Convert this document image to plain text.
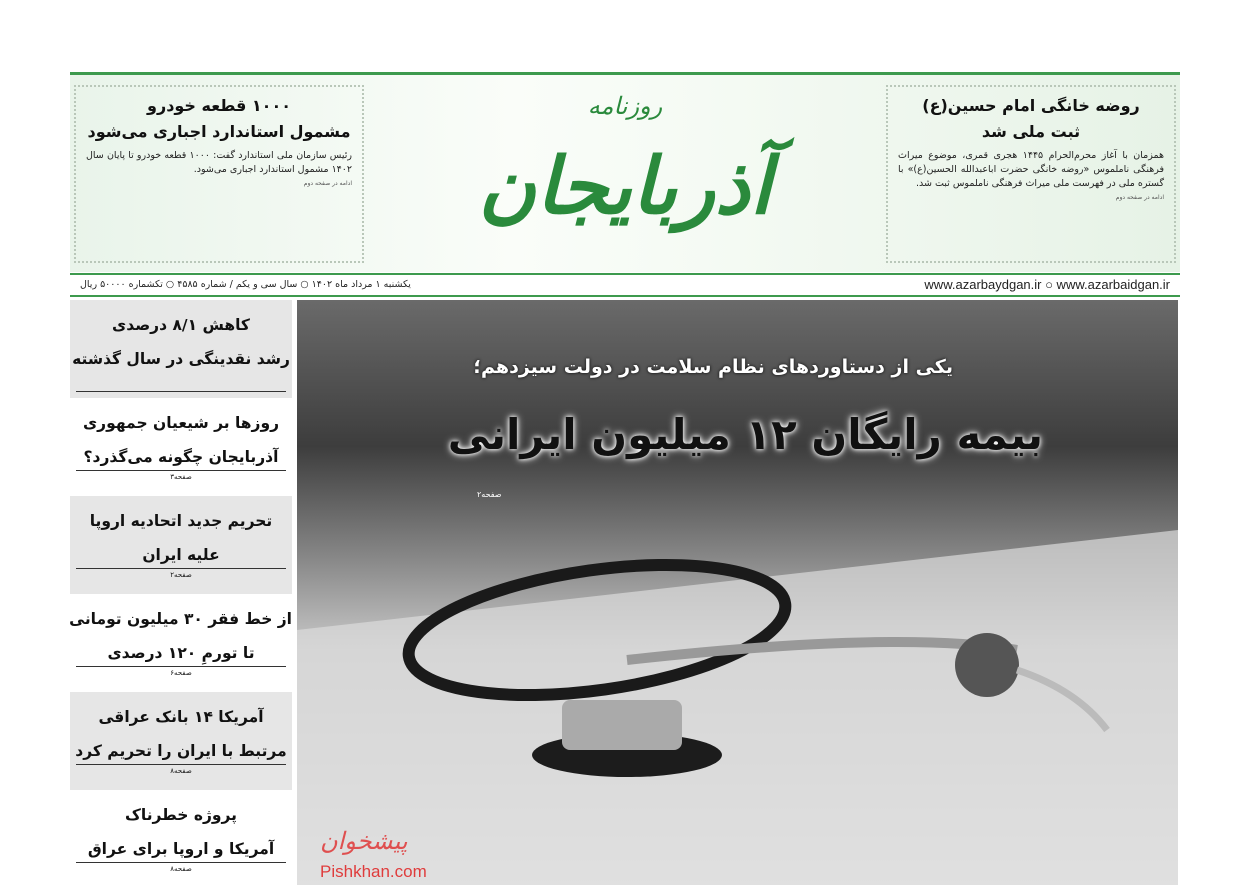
۱۰۰۰ قطعه خودرو
مشمول استاندارد اجباری می‌شود

رئیس سازمان ملی استاندارد گفت: ۱۰۰۰ قطعه خودرو تا پایان سال ۱۴۰۲ مشمول استاندارد اجباری می‌شود.

ادامه در صفحه دوم
روزنامه
آذربایجان
روضه خانگی امام حسین(ع)
ثبت ملی شد

همزمان با آغاز محرم‌الحرام ۱۴۴۵ هجری قمری، موضوع میراث فرهنگی ناملموس «روضه خانگی حضرت اباعبدالله الحسین(ع)» با گستره ملی در فهرست ملی میراث فرهنگی ناملموس ثبت شد.

ادامه در صفحه دوم
یکشنبه ۱ مرداد ماه ۱۴۰۲ ○ سال سی و یکم / شماره ۴۵۸۵ ○ تکشماره ۵۰۰۰۰ ریال	www.azarbaydgan.ir ○ www.azarbaidgan.ir
کاهش ۸/۱ درصدی
رشد نقدینگی در سال گذشته
روزها بر شیعیان جمهوری
آذربایجان چگونه می‌گذرد؟
$^{صفحه۳}$
تحریم جدید اتحادیه اروپا
علیه ایران
$^{صفحه۲}$
از خط فقر ۳۰ میلیون تومانی
تا تورمِ ۱۲۰ درصدی
$^{صفحه۶}$
آمریکا ۱۴ بانک عراقی
مرتبط با ایران را تحریم کرد
$^{صفحه۸}$
پروژه خطرناک
آمریکا و اروپا برای عراق
$^{صفحه۸}$
یکی از دستاوردهای نظام سلامت در دولت سیزدهم؛
بیمه رایگان ۱۲ میلیون ایرانی
صفحه۲
پیشخوان
Pishkhan.com
